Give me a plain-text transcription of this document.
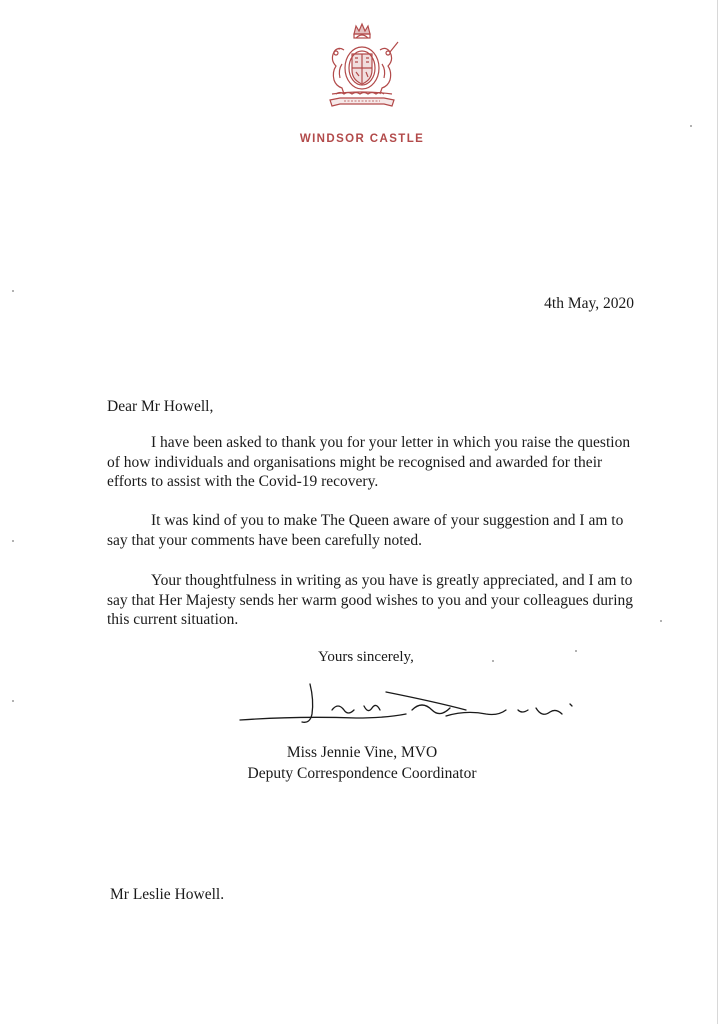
WINDSOR CASTLE
4th May, 2020
Dear Mr Howell,
I have been asked to thank you for your letter in which you raise the question of how individuals and organisations might be recognised and awarded for their efforts to assist with the Covid-19 recovery.
It was kind of you to make The Queen aware of your suggestion and I am to say that your comments have been carefully noted.
Your thoughtfulness in writing as you have is greatly appreciated, and I am to say that Her Majesty sends her warm good wishes to you and your colleagues during this current situation.
Yours sincerely,
Miss Jennie Vine, MVO
Deputy Correspondence Coordinator
Mr Leslie Howell.
